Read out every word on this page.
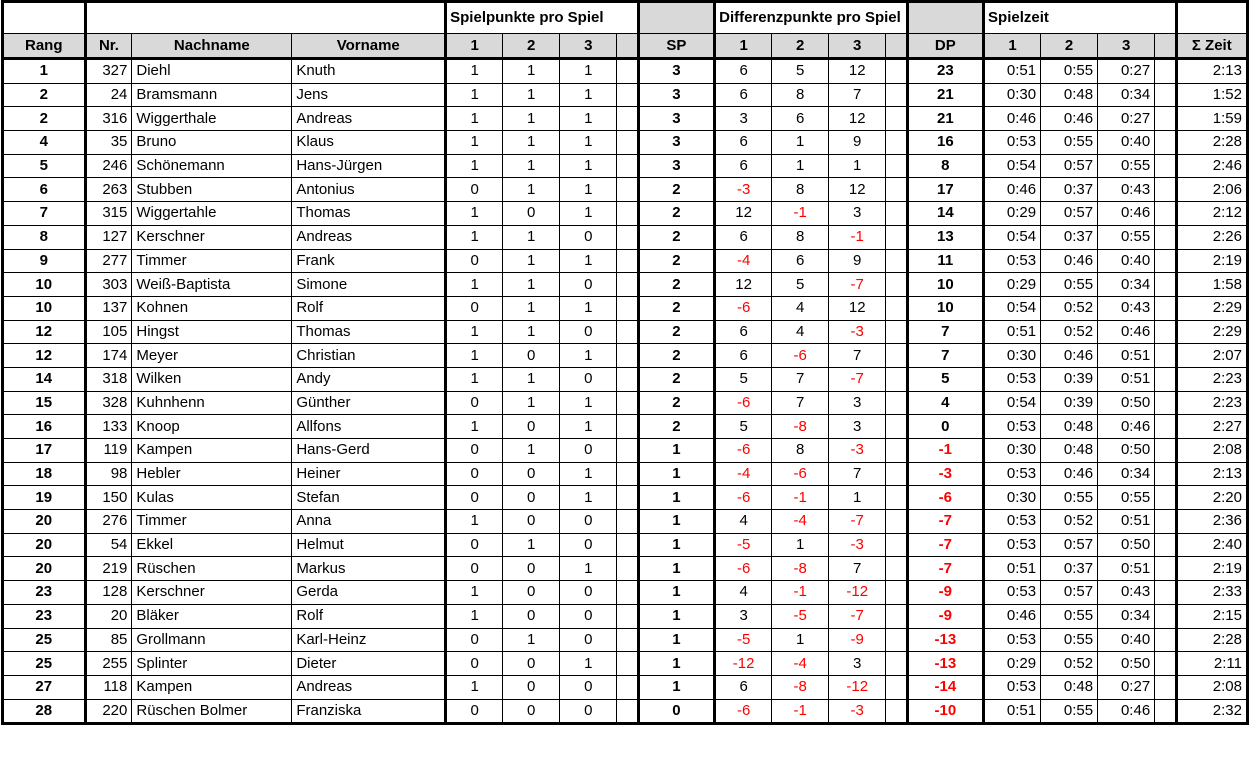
				Spielpunkte pro Spiel					Differenzpunkte pro Spiel					Spielzeit				
Rang	Nr.	Nachname	Vorname	1	2	3		SP	1	2	3		DP	1	2	3		Σ Zeit
1	327	Diehl	Knuth	1	1	1		3	6	5	12		23	0:51	0:55	0:27		2:13
2	24	Bramsmann	Jens	1	1	1		3	6	8	7		21	0:30	0:48	0:34		1:52
2	316	Wiggerthale	Andreas	1	1	1		3	3	6	12		21	0:46	0:46	0:27		1:59
4	35	Bruno	Klaus	1	1	1		3	6	1	9		16	0:53	0:55	0:40		2:28
5	246	Schönemann	Hans-Jürgen	1	1	1		3	6	1	1		8	0:54	0:57	0:55		2:46
6	263	Stubben	Antonius	0	1	1		2	-3	8	12		17	0:46	0:37	0:43		2:06
7	315	Wiggertahle	Thomas	1	0	1		2	12	-1	3		14	0:29	0:57	0:46		2:12
8	127	Kerschner	Andreas	1	1	0		2	6	8	-1		13	0:54	0:37	0:55		2:26
9	277	Timmer	Frank	0	1	1		2	-4	6	9		11	0:53	0:46	0:40		2:19
10	303	Weiß-Baptista	Simone	1	1	0		2	12	5	-7		10	0:29	0:55	0:34		1:58
10	137	Kohnen	Rolf	0	1	1		2	-6	4	12		10	0:54	0:52	0:43		2:29
12	105	Hingst	Thomas	1	1	0		2	6	4	-3		7	0:51	0:52	0:46		2:29
12	174	Meyer	Christian	1	0	1		2	6	-6	7		7	0:30	0:46	0:51		2:07
14	318	Wilken	Andy	1	1	0		2	5	7	-7		5	0:53	0:39	0:51		2:23
15	328	Kuhnhenn	Günther	0	1	1		2	-6	7	3		4	0:54	0:39	0:50		2:23
16	133	Knoop	Allfons	1	0	1		2	5	-8	3		0	0:53	0:48	0:46		2:27
17	119	Kampen	Hans-Gerd	0	1	0		1	-6	8	-3		-1	0:30	0:48	0:50		2:08
18	98	Hebler	Heiner	0	0	1		1	-4	-6	7		-3	0:53	0:46	0:34		2:13
19	150	Kulas	Stefan	0	0	1		1	-6	-1	1		-6	0:30	0:55	0:55		2:20
20	276	Timmer	Anna	1	0	0		1	4	-4	-7		-7	0:53	0:52	0:51		2:36
20	54	Ekkel	Helmut	0	1	0		1	-5	1	-3		-7	0:53	0:57	0:50		2:40
20	219	Rüschen	Markus	0	0	1		1	-6	-8	7		-7	0:51	0:37	0:51		2:19
23	128	Kerschner	Gerda	1	0	0		1	4	-1	-12		-9	0:53	0:57	0:43		2:33
23	20	Bläker	Rolf	1	0	0		1	3	-5	-7		-9	0:46	0:55	0:34		2:15
25	85	Grollmann	Karl-Heinz	0	1	0		1	-5	1	-9		-13	0:53	0:55	0:40		2:28
25	255	Splinter	Dieter	0	0	1		1	-12	-4	3		-13	0:29	0:52	0:50		2:11
27	118	Kampen	Andreas	1	0	0		1	6	-8	-12		-14	0:53	0:48	0:27		2:08
28	220	Rüschen Bolmer	Franziska	0	0	0		0	-6	-1	-3		-10	0:51	0:55	0:46		2:32
